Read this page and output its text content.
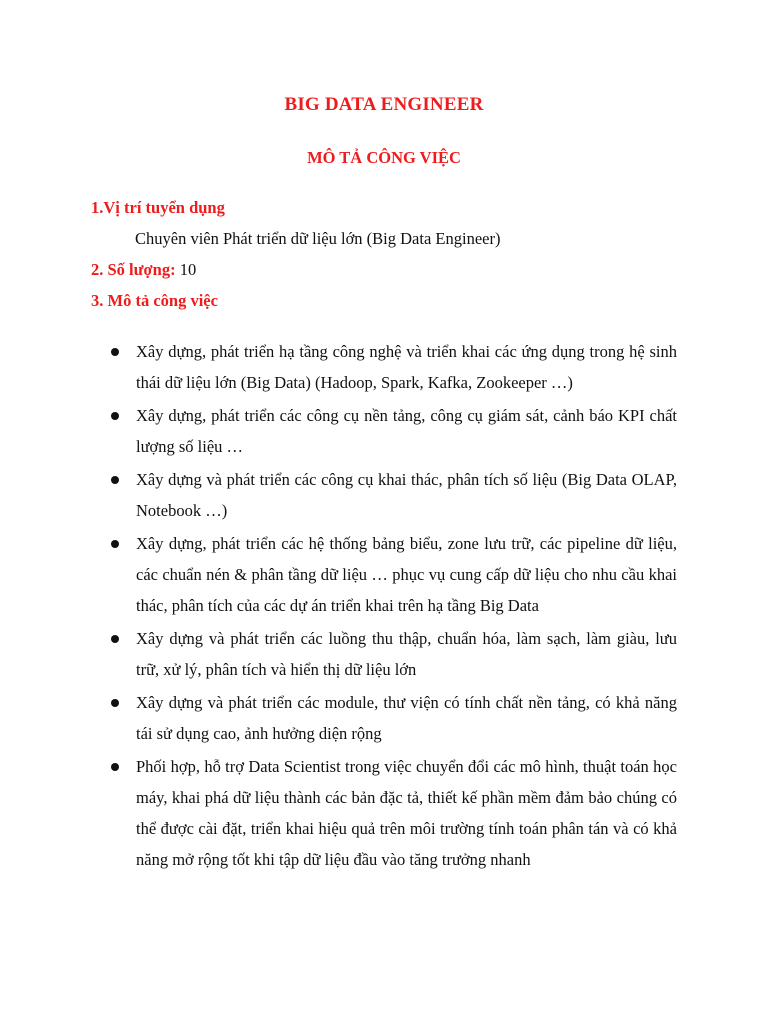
BIG DATA ENGINEER
MÔ TẢ CÔNG VIỆC
1.Vị trí tuyển dụng
Chuyên viên Phát triển dữ liệu lớn (Big Data Engineer)
2. Số lượng: 10
3. Mô tả công việc
Xây dựng, phát triển hạ tầng công nghệ và triển khai các ứng dụng trong hệ sinh thái dữ liệu lớn (Big Data) (Hadoop, Spark, Kafka, Zookeeper …)
Xây dựng, phát triển các công cụ nền tảng, công cụ giám sát, cảnh báo KPI chất lượng số liệu …
Xây dựng và phát triển các công cụ khai thác, phân tích số liệu (Big Data OLAP, Notebook …)
Xây dựng, phát triển các hệ thống bảng biểu, zone lưu trữ, các pipeline dữ liệu, các chuẩn nén & phân tầng dữ liệu … phục vụ cung cấp dữ liệu cho nhu cầu khai thác, phân tích của các dự án triển khai trên hạ tầng Big Data
Xây dựng và phát triển các luồng thu thập, chuẩn hóa, làm sạch, làm giàu, lưu trữ, xử lý, phân tích và hiển thị dữ liệu lớn
Xây dựng và phát triển các module, thư viện có tính chất nền tảng, có khả năng tái sử dụng cao, ảnh hưởng diện rộng
Phối hợp, hỗ trợ Data Scientist trong việc chuyển đổi các mô hình, thuật toán học máy, khai phá dữ liệu thành các bản đặc tả, thiết kế phần mềm đảm bảo chúng có thể được cài đặt, triển khai hiệu quả trên môi trường tính toán phân tán và có khả năng mở rộng tốt khi tập dữ liệu đầu vào tăng trưởng nhanh
